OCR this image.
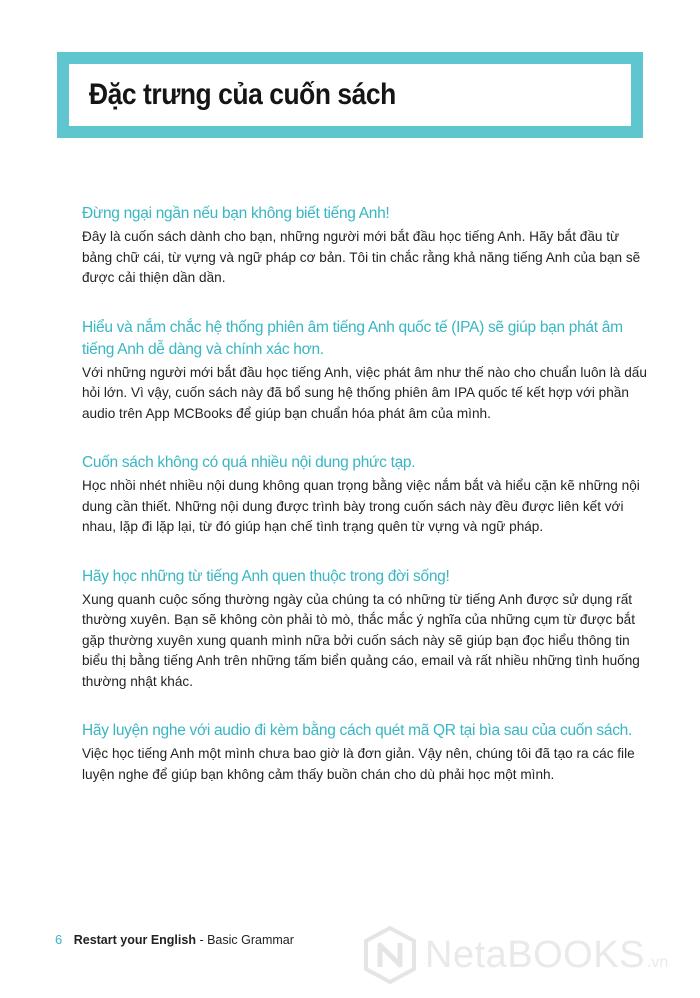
Đặc trưng của cuốn sách

Đừng ngại ngần nếu bạn không biết tiếng Anh!

Đây là cuốn sách dành cho bạn, những người mới bắt đầu học tiếng Anh. Hãy bắt đầu từ bảng chữ cái, từ vựng và ngữ pháp cơ bản. Tôi tin chắc rằng khả năng tiếng Anh của bạn sẽ được cải thiện dần dần.

Hiểu và nắm chắc hệ thống phiên âm tiếng Anh quốc tế (IPA) sẽ giúp bạn phát âm tiếng Anh dễ dàng và chính xác hơn.

Với những người mới bắt đầu học tiếng Anh, việc phát âm như thế nào cho chuẩn luôn là dấu hỏi lớn. Vì vậy, cuốn sách này đã bổ sung hệ thống phiên âm IPA quốc tế kết hợp với phần audio trên App MCBooks để giúp bạn chuẩn hóa phát âm của mình.

Cuốn sách không có quá nhiều nội dung phức tạp.

Học nhồi nhét nhiều nội dung không quan trọng bằng việc nắm bắt và hiểu cặn kẽ những nội dung cần thiết. Những nội dung được trình bày trong cuốn sách này đều được liên kết với nhau, lặp đi lặp lại, từ đó giúp hạn chế tình trạng quên từ vựng và ngữ pháp.

Hãy học những từ tiếng Anh quen thuộc trong đời sống!

Xung quanh cuộc sống thường ngày của chúng ta có những từ tiếng Anh được sử dụng rất thường xuyên. Bạn sẽ không còn phải tò mò, thắc mắc ý nghĩa của những cụm từ được bắt gặp thường xuyên xung quanh mình nữa bởi cuốn sách này sẽ giúp bạn đọc hiểu thông tin biểu thị bằng tiếng Anh trên những tấm biển quảng cáo, email và rất nhiều những tình huống thường nhật khác.

Hãy luyện nghe với audio đi kèm bằng cách quét mã QR tại bìa sau của cuốn sách.

Việc học tiếng Anh một mình chưa bao giờ là đơn giản. Vậy nên, chúng tôi đã tạo ra các file luyện nghe để giúp bạn không cảm thấy buồn chán cho dù phải học một mình.

6 Restart your English - Basic Grammar	NetaBOOKS .vn
